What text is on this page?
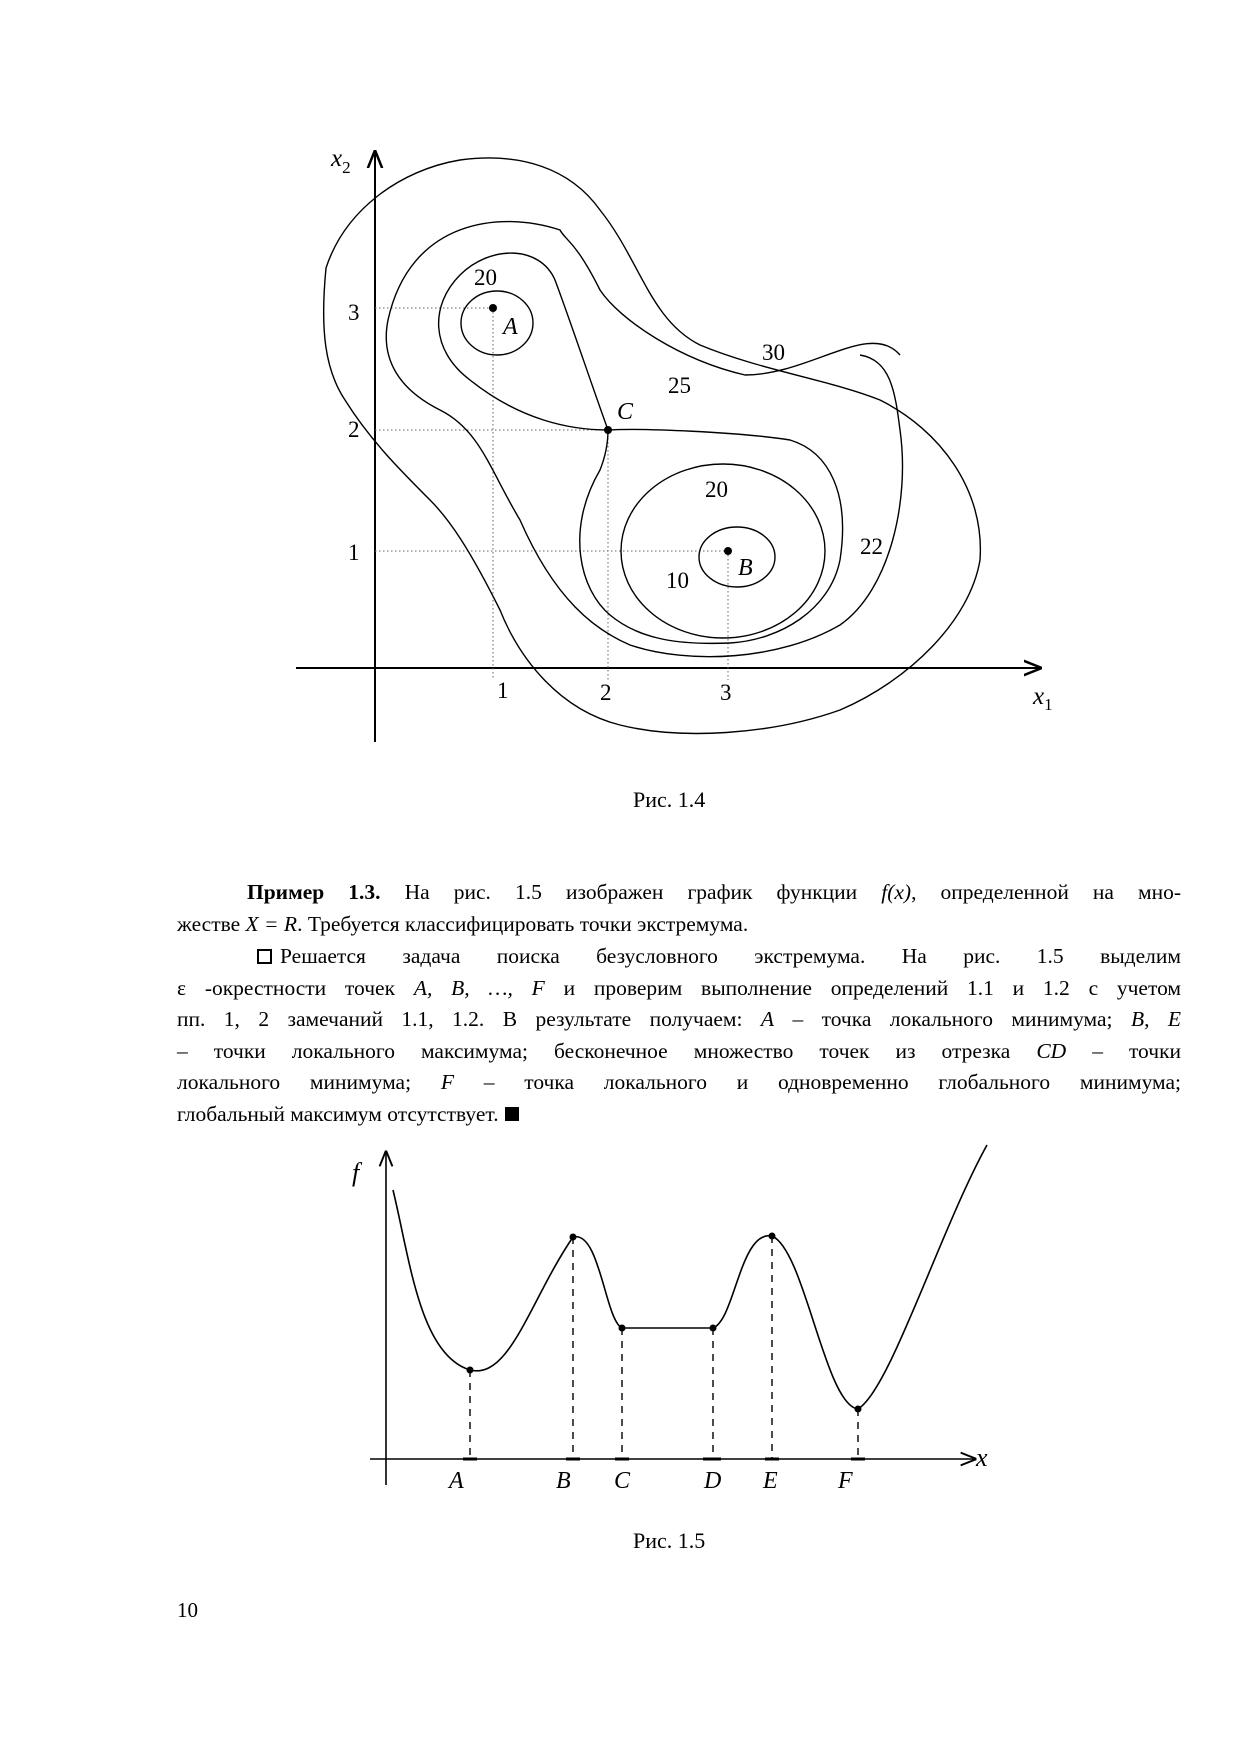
$x_2$
$x_1$
1	2	3
3
2
1
A
B
C
20
20
10
22
25
30
Рис. 1.4
Пример 1.3. На рис. 1.5 изображен график функции f(x), определенной на мно-
жестве X = R. Требуется классифицировать точки экстремума.
Решается задача поиска безусловного экстремума. На рис. 1.5 выделим
ε -окрестности точек A, B, …, F и проверим выполнение определений 1.1 и 1.2 с учетом
пп. 1, 2 замечаний 1.1, 1.2. В результате получаем: A – точка локального минимума; B, E
– точки локального максимума; бесконечное множество точек из отрезка CD – точки
локального минимума; F – точка локального и одновременно глобального минимума;
глобальный максимум отсутствует.
f
x
A	B C	D E	F
Рис. 1.5
10
